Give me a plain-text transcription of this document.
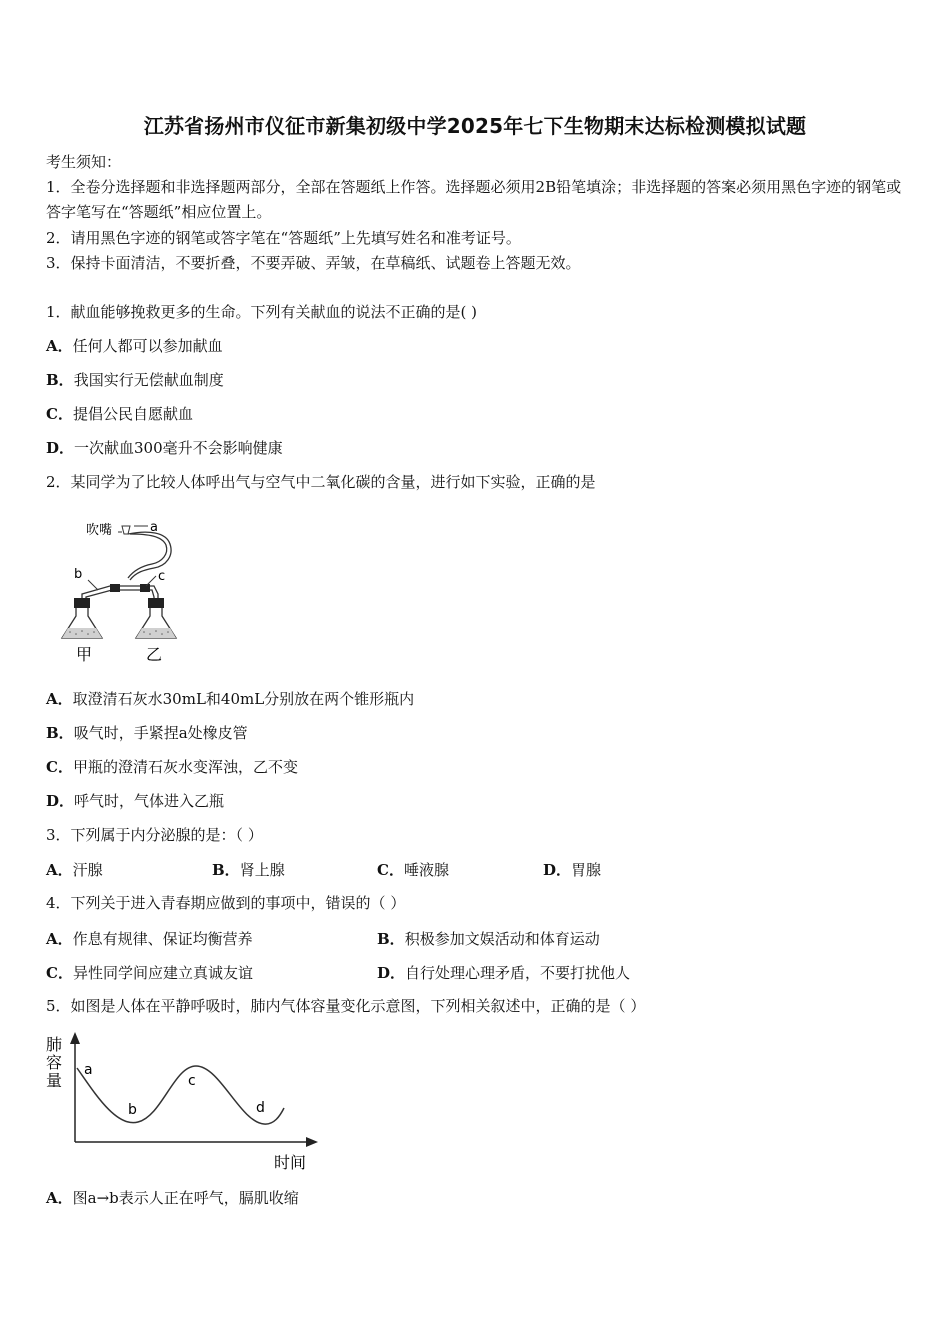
江苏省扬州市仪征市新集初级中学2025年七下生物期末达标检测模拟试题
考生须知：
1．全卷分选择题和非选择题两部分，全部在答题纸上作答。选择题必须用2B铅笔填涂；非选择题的答案必须用黑色字迹的钢笔或答字笔写在“答题纸”相应位置上。
2．请用黑色字迹的钢笔或答字笔在“答题纸”上先填写姓名和准考证号。
3．保持卡面清洁，不要折叠，不要弄破、弄皱，在草稿纸、试题卷上答题无效。
1．献血能够挽救更多的生命。下列有关献血的说法不正确的是( )
A．任何人都可以参加献血
B．我国实行无偿献血制度
C．提倡公民自愿献血
D．一次献血300毫升不会影响健康
2．某同学为了比较人体呼出气与空气中二氧化碳的含量，进行如下实验，正确的是
吹嘴	a
b	c
甲	乙
A．取澄清石灰水30mL和40mL分别放在两个锥形瓶内
B．吸气时，手紧捏a处橡皮管
C．甲瓶的澄清石灰水变浑浊，乙不变
D．呼气时，气体进入乙瓶
3．下列属于内分泌腺的是：（ ）
A．汗腺	B．肾上腺	C．唾液腺	D．胃腺
4．下列关于进入青春期应做到的事项中，错误的（ ）
A．作息有规律、保证均衡营养	B．积极参加文娱活动和体育运动
C．异性同学间应建立真诚友谊	D．自行处理心理矛盾，不要打扰他人
5．如图是人体在平静呼吸时，肺内气体容量变化示意图，下列相关叙述中，正确的是（ ）
肺
容
量
a
b
c
d
时间
A．图a→b表示人正在呼气，膈肌收缩
